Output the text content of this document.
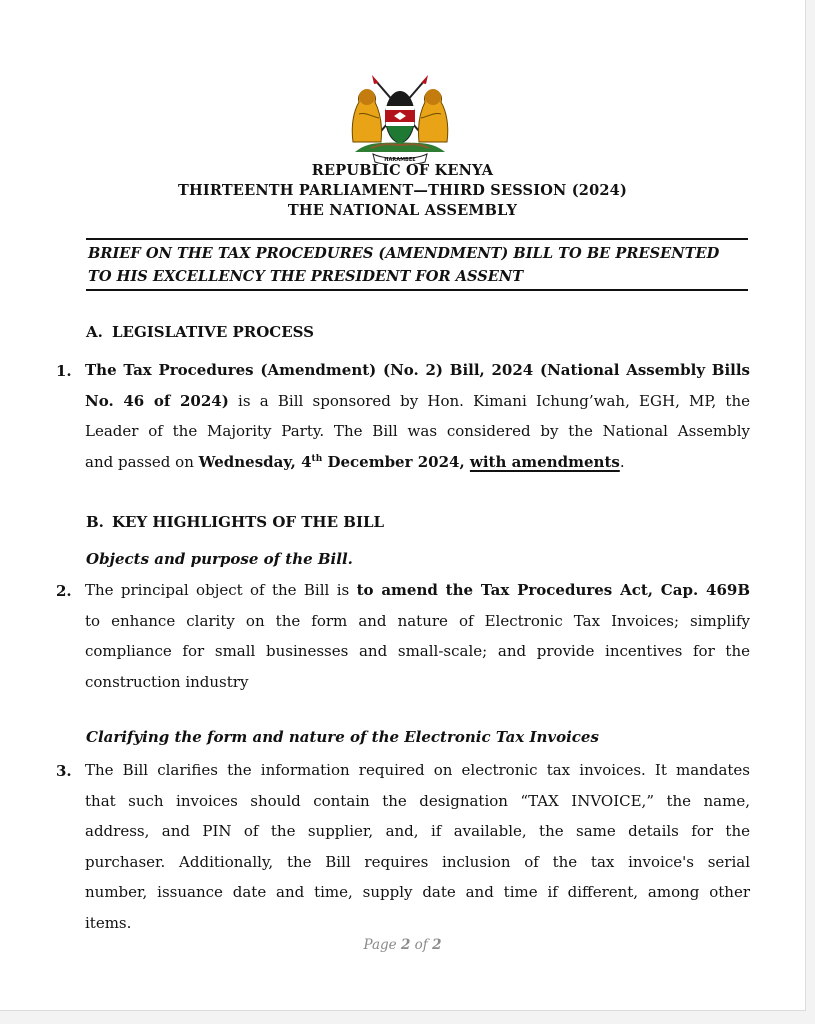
HARAMBEE
REPUBLIC OF KENYA
THIRTEENTH PARLIAMENT—THIRD SESSION (2024)
THE NATIONAL ASSEMBLY
BRIEF ON THE TAX PROCEDURES (AMENDMENT) BILL TO BE PRESENTED
TO HIS EXCELLENCY THE PRESIDENT FOR ASSENT
A. LEGISLATIVE PROCESS
1. The Tax Procedures (Amendment) (No. 2) Bill, 2024 (National Assembly Bills
No. 46 of 2024) is a Bill sponsored by Hon. Kimani Ichung’wah, EGH, MP, the
Leader of the Majority Party. The Bill was considered by the National Assembly
and passed on Wednesday, 4th December 2024, with amendments.
B. KEY HIGHLIGHTS OF THE BILL
Objects and purpose of the Bill.
2. The principal object of the Bill is to amend the Tax Procedures Act, Cap. 469B
to enhance clarity on the form and nature of Electronic Tax Invoices; simplify
compliance for small businesses and small-scale; and provide incentives for the
construction industry
Clarifying the form and nature of the Electronic Tax Invoices
3. The Bill clarifies the information required on electronic tax invoices. It mandates
that such invoices should contain the designation “TAX INVOICE,” the name,
address, and PIN of the supplier, and, if available, the same details for the
purchaser. Additionally, the Bill requires inclusion of the tax invoice's serial
number, issuance date and time, supply date and time if different, among other
items.
Page 2 of 2
